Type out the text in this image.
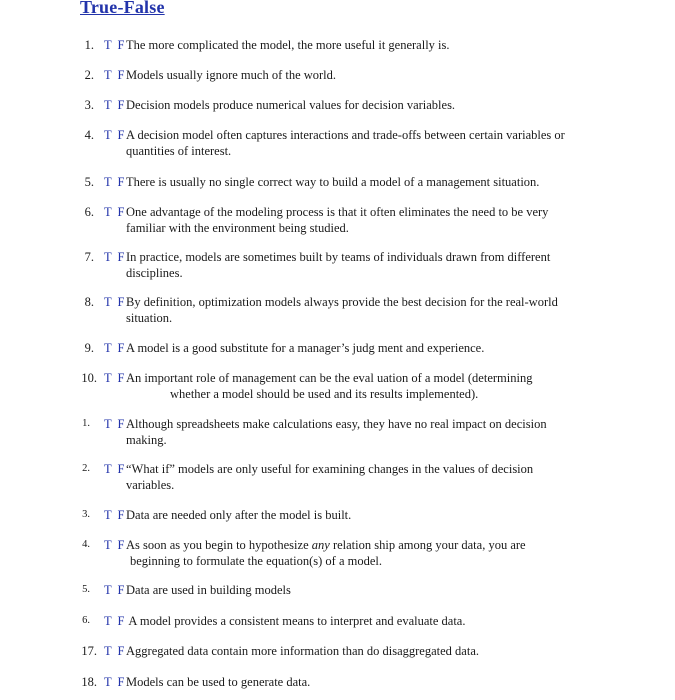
True-False
1. T F The more complicated the model, the more useful it generally is.
2. T F Models usually ignore much of the world.
3. T F Decision models produce numerical values for decision variables.
4. T F A decision model often captures interactions and trade-offs between certain variables or
quantities of interest.
5. T F There is usually no single correct way to build a model of a management situation.
6. T F One advantage of the modeling process is that it often eliminates the need to be very
familiar with the environment being studied.
7. T F In practice, models are sometimes built by teams of individuals drawn from different
disciplines.
8. T F By definition, optimization models always provide the best decision for the real-world
situation.
9. T F A model is a good substitute for a manager’s judg ment and experience.
10. T F An important role of management can be the eval uation of a model (determining
whether a model should be used and its results implemented).
1. T F Although spreadsheets make calculations easy, they have no real impact on decision
making.
2. T F “What if” models are only useful for examining changes in the values of decision
variables.
3. T F Data are needed only after the model is built.
4. T F As soon as you begin to hypothesize any relation ship among your data, you are
beginning to formulate the equation(s) of a model.
5. T F Data are used in building models
6. T F A model provides a consistent means to interpret and evaluate data.
17. T F Aggregated data contain more information than do disaggregated data.
18. T F Models can be used to generate data.
